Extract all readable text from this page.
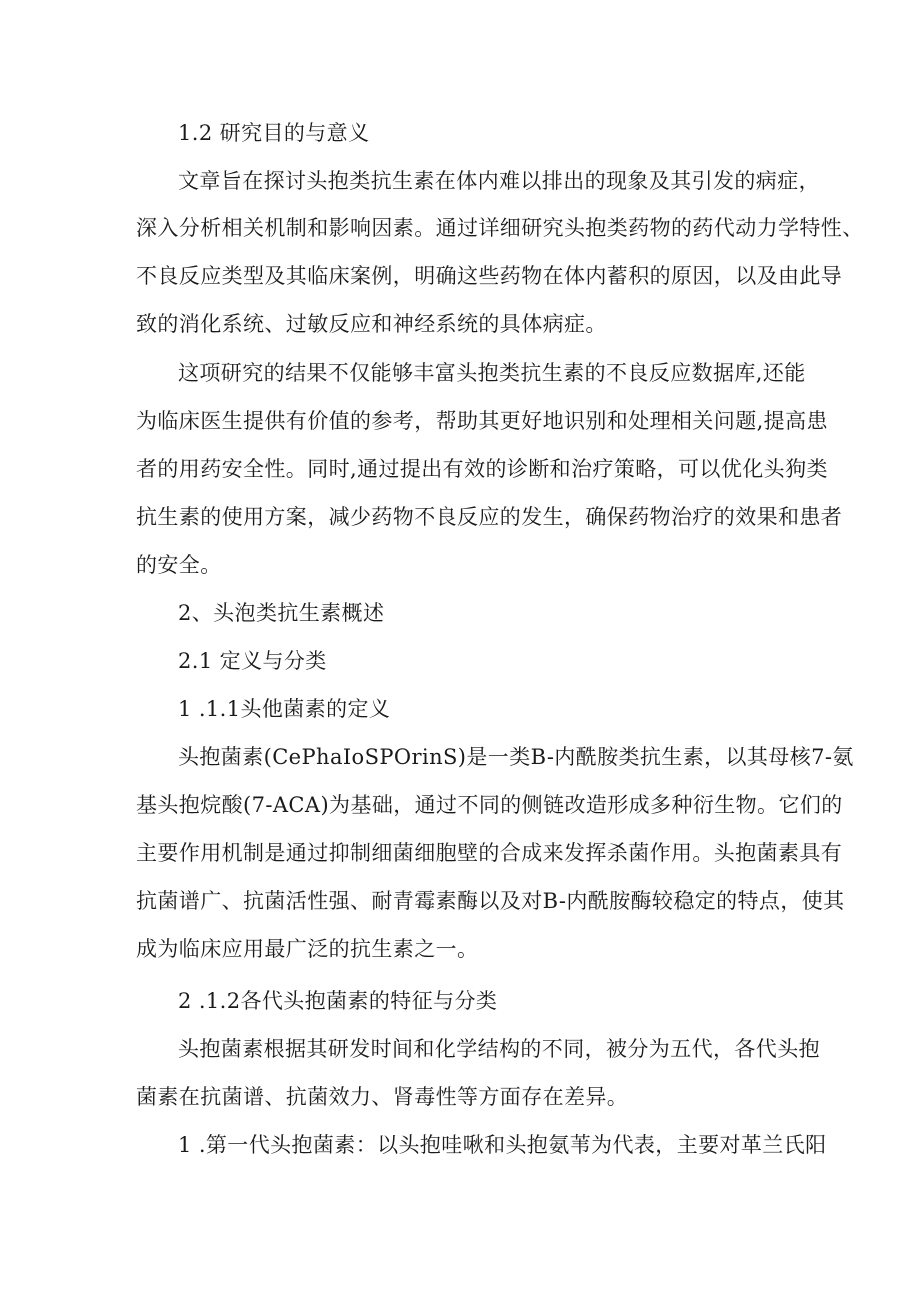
1.2 研究目的与意义
文章旨在探讨头抱类抗生素在体内难以排出的现象及其引发的病症，
深入分析相关机制和影响因素。通过详细研究头抱类药物的药代动力学特性、
不良反应类型及其临床案例，明确这些药物在体内蓄积的原因，以及由此导
致的消化系统、过敏反应和神经系统的具体病症。
这项研究的结果不仅能够丰富头抱类抗生素的不良反应数据库,还能
为临床医生提供有价值的参考，帮助其更好地识别和处理相关问题,提高患
者的用药安全性。同时,通过提出有效的诊断和治疗策略，可以优化头狗类
抗生素的使用方案，减少药物不良反应的发生，确保药物治疗的效果和患者
的安全。
2、头泡类抗生素概述
2.1 定义与分类
1 .1.1头他菌素的定义
头抱菌素(CePhaIoSPOrinS)是一类B-内酰胺类抗生素，以其母核7-氨
基头抱烷酸(7-ACA)为基础，通过不同的侧链改造形成多种衍生物。它们的
主要作用机制是通过抑制细菌细胞壁的合成来发挥杀菌作用。头抱菌素具有
抗菌谱广、抗菌活性强、耐青霉素酶以及对B-内酰胺酶较稳定的特点，使其
成为临床应用最广泛的抗生素之一。
2 .1.2各代头抱菌素的特征与分类
头抱菌素根据其研发时间和化学结构的不同，被分为五代，各代头抱
菌素在抗菌谱、抗菌效力、肾毒性等方面存在差异。
1 .第一代头抱菌素：以头抱哇啾和头抱氨苇为代表，主要对革兰氏阳
